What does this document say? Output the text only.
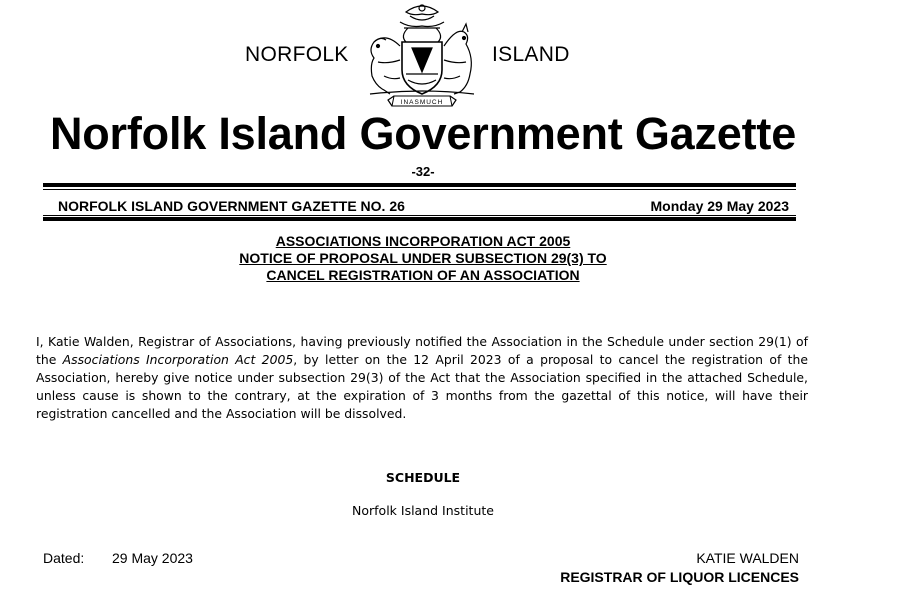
NORFOLK	ISLAND
INASMUCH
Norfolk Island Government Gazette
-32-
NORFOLK ISLAND GOVERNMENT GAZETTE NO. 26	Monday 29 May 2023
ASSOCIATIONS INCORPORATION ACT 2005
NOTICE OF PROPOSAL UNDER SUBSECTION 29(3) TO
CANCEL REGISTRATION OF AN ASSOCIATION

I, Katie Walden, Registrar of Associations, having previously notified the Association in the Schedule under section 29(1) of the Associations Incorporation Act 2005, by letter on the 12 April 2023 of a proposal to cancel the registration of the Association, hereby give notice under subsection 29(3) of the Act that the Association specified in the attached Schedule, unless cause is shown to the contrary, at the expiration of 3 months from the gazettal of this notice, will have their registration cancelled and the Association will be dissolved.

SCHEDULE
Norfolk Island Institute
Dated: 29 May 2023	KATIE WALDEN
REGISTRAR OF LIQUOR LICENCES
